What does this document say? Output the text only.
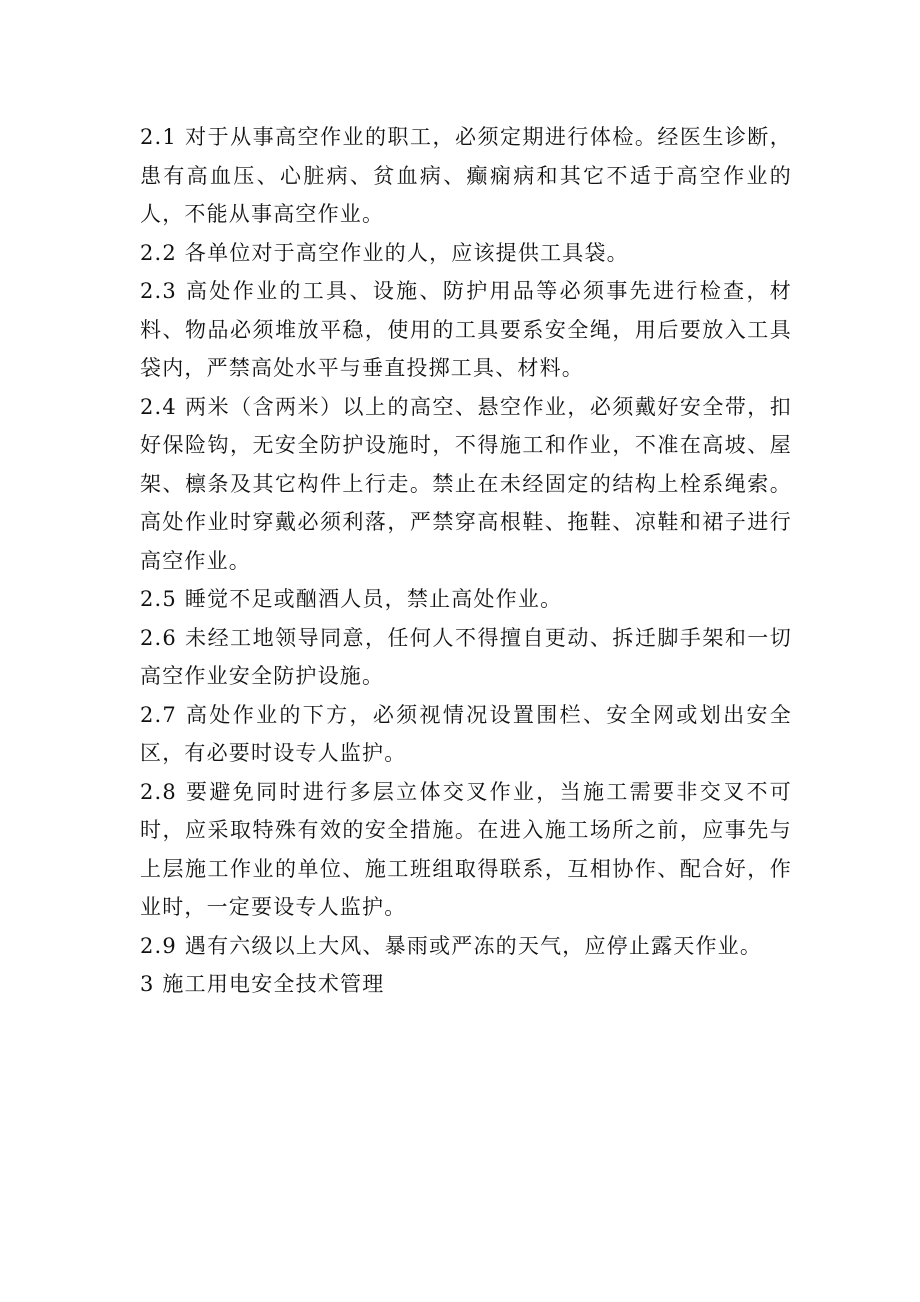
2.1 对于从事高空作业的职工，必须定期进行体检。经医生诊断，患有高血压、心脏病、贫血病、癫痫病和其它不适于高空作业的人，不能从事高空作业。

2.2 各单位对于高空作业的人，应该提供工具袋。

2.3 高处作业的工具、设施、防护用品等必须事先进行检查，材料、物品必须堆放平稳，使用的工具要系安全绳，用后要放入工具袋内，严禁高处水平与垂直投掷工具、材料。

2.4 两米（含两米）以上的高空、悬空作业，必须戴好安全带，扣好保险钩，无安全防护设施时，不得施工和作业，不准在高坡、屋架、檩条及其它构件上行走。禁止在未经固定的结构上栓系绳索。高处作业时穿戴必须利落，严禁穿高根鞋、拖鞋、凉鞋和裙子进行高空作业。

2.5 睡觉不足或酗酒人员，禁止高处作业。

2.6 未经工地领导同意，任何人不得擅自更动、拆迁脚手架和一切高空作业安全防护设施。

2.7 高处作业的下方，必须视情况设置围栏、安全网或划出安全区，有必要时设专人监护。

2.8 要避免同时进行多层立体交叉作业，当施工需要非交叉不可时，应采取特殊有效的安全措施。在进入施工场所之前，应事先与上层施工作业的单位、施工班组取得联系，互相协作、配合好，作业时，一定要设专人监护。

2.9 遇有六级以上大风、暴雨或严冻的天气，应停止露天作业。

3 施工用电安全技术管理
